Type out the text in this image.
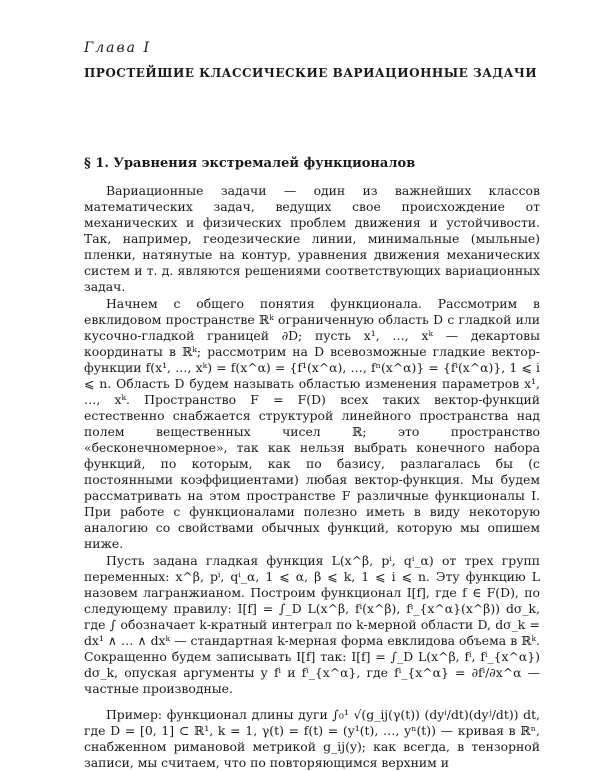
Глава I
ПРОСТЕЙШИЕ КЛАССИЧЕСКИЕ ВАРИАЦИОННЫЕ ЗАДАЧИ
§ 1. Уравнения экстремалей функционалов

Вариационные задачи — один из важнейших классов математических задач, ведущих свое происхождение от механических и физических проблем движения и устойчивости. Так, например, геодезические линии, минимальные (мыльные) пленки, натянутые на контур, уравнения движения механических систем и т. д. являются решениями соответствующих вариационных задач.

Начнем с общего понятия функционала. Рассмотрим в евклидовом пространстве ℝᵏ ограниченную область D с гладкой или кусочно-гладкой границей ∂D; пусть x¹, …, xᵏ — декартовы координаты в ℝᵏ; рассмотрим на D всевозможные гладкие вектор-функции f(x¹, …, xᵏ) = f(x^α) = {f¹(x^α), …, fⁿ(x^α)} = {fⁱ(x^α)}, 1 ⩽ i ⩽ n. Область D будем называть областью изменения параметров x¹, …, xᵏ. Пространство F = F(D) всех таких вектор-функций естественно снабжается структурой линейного пространства над полем вещественных чисел ℝ; это пространство «бесконечномерное», так как нельзя выбрать конечного набора функций, по которым, как по базису, разлагалась бы (с постоянными коэффициентами) любая вектор-функция. Мы будем рассматривать на этом пространстве F различные функционалы I. При работе с функционалами полезно иметь в виду некоторую аналогию со свойствами обычных функций, которую мы опишем ниже.

Пусть задана гладкая функция L(x^β, pⁱ, qⁱ_α) от трех групп переменных: x^β, pⁱ, qⁱ_α, 1 ⩽ α, β ⩽ k, 1 ⩽ i ⩽ n. Эту функцию L назовем лагранжианом. Построим функционал I[f], где f ∈ F(D), по следующему правилу: I[f] = ∫_D L(x^β, fⁱ(x^β), fⁱ_{x^α}(x^β)) dσ_k, где ∫ обозначает k-кратный интеграл по k-мерной области D, dσ_k = dx¹ ∧ … ∧ dxᵏ — стандартная k-мерная форма евклидова объема в ℝᵏ. Сокращенно будем записывать I[f] так: I[f] = ∫_D L(x^β, fⁱ, fⁱ_{x^α}) dσ_k, опуская аргументы у fⁱ и fⁱ_{x^α}, где fⁱ_{x^α} = ∂fⁱ/∂x^α — частные производные.

Пример: функционал длины дуги ∫₀¹ √(g_ij(γ(t)) (dyⁱ/dt)(dyʲ/dt)) dt, где D = [0, 1] ⊂ ℝ¹, k = 1, γ(t) = f(t) = (y¹(t), …, yⁿ(t)) — кривая в ℝⁿ, снабженном римановой метрикой g_ij(y); как всегда, в тензорной записи, мы считаем, что по повторяющимся верхним и
